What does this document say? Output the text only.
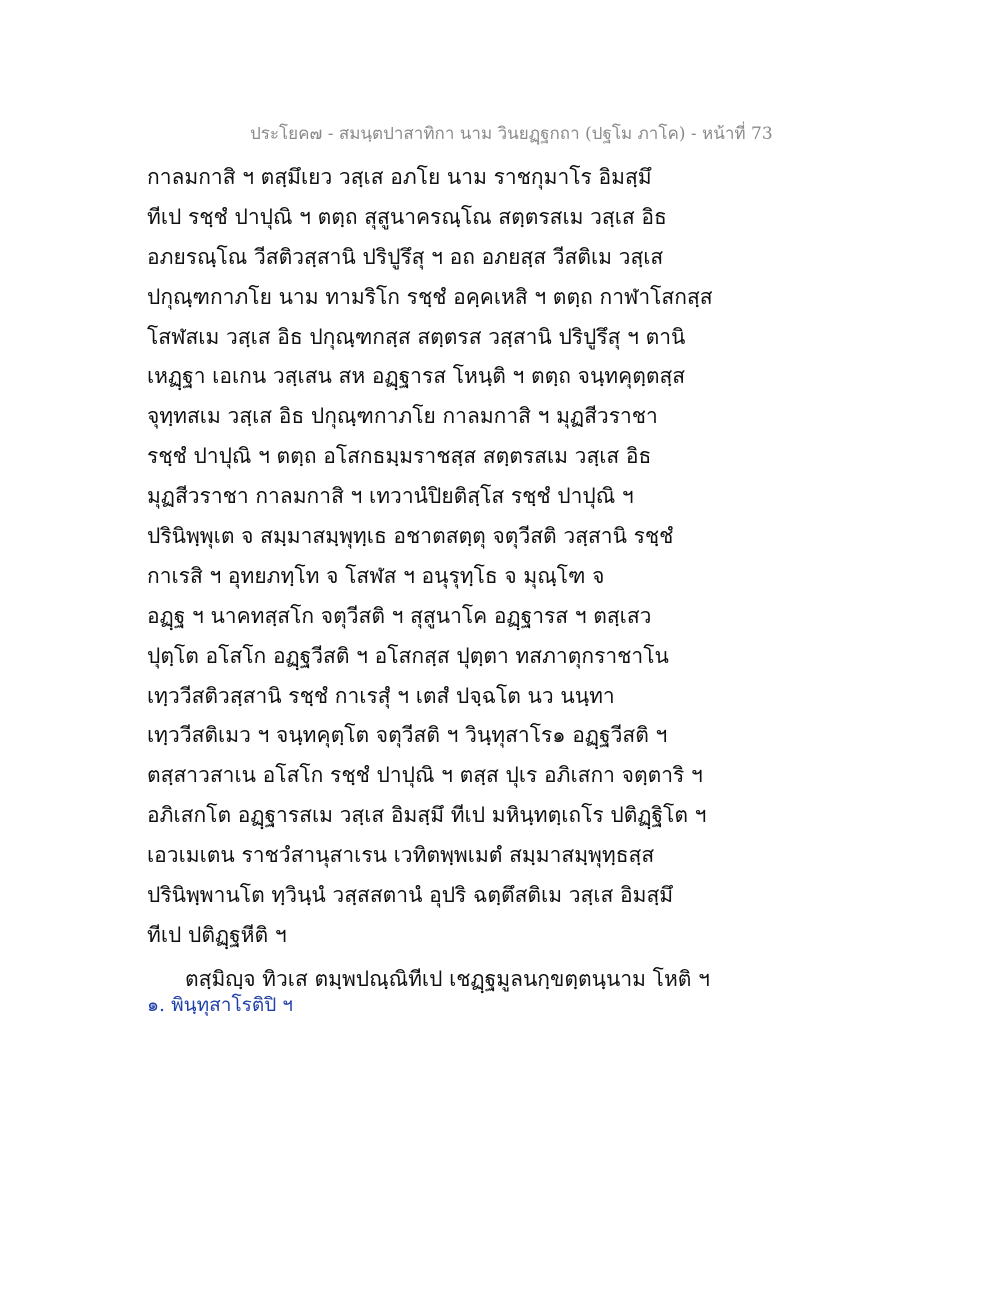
ประโยค๗ - สมนฺตปาสาทิกา นาม วินยฏฺฐกถา (ปฐโม ภาโค) - หน้าที่ 73
กาลมกาสิ ฯ ตสฺมึเยว วสฺเส อภโย นาม ราชกุมาโร อิมสฺมึ
ทีเป รชฺชํ ปาปุณิ ฯ ตตฺถ สุสูนาครณฺโณ สตฺตรสเม วสฺเส อิธ
อภยรณฺโณ วีสติวสฺสานิ ปริปูรึสุ ฯ อถ อภยสฺส วีสติเม วสฺเส
ปกุณฺฑกาภโย นาม ทามริโก รชฺชํ อคฺคเหสิ ฯ ตตฺถ กาฬาโสกสฺส
โสฬสเม วสฺเส อิธ ปกุณฺฑกสฺส สตฺตรส วสฺสานิ ปริปูรึสุ ฯ ตานิ
เหฏฺฐา เอเกน วสฺเสน สห อฏฺฐารส โหนฺติ ฯ ตตฺถ จนฺทคุตฺตสฺส
จุทฺทสเม วสฺเส อิธ ปกุณฺฑกาภโย กาลมกาสิ ฯ มุฏสีวราชา
รชฺชํ ปาปุณิ ฯ ตตฺถ อโสกธมฺมราชสฺส สตฺตรสเม วสฺเส อิธ
มุฏสีวราชา กาลมกาสิ ฯ เทวานํปิยติสฺโส รชฺชํ ปาปุณิ ฯ
ปรินิพฺพุเต จ สมฺมาสมฺพุทฺเธ อชาตสตฺตุ จตุวีสติ วสฺสานิ รชฺชํ
กาเรสิ ฯ อุทยภทฺโท จ โสฬส ฯ อนุรุทฺโธ จ มุณฺโฑ จ
อฏฺฐ ฯ นาคทสฺสโก จตุวีสติ ฯ สุสูนาโค อฏฺฐารส ฯ ตสฺเสว
ปุตฺโต อโสโก อฏฺฐวีสติ ฯ อโสกสฺส ปุตฺตา ทสภาตุกราชาโน
เทฺววีสติวสฺสานิ รชฺชํ กาเรสุํ ฯ เตสํ ปจฺฉโต นว นนฺทา
เทฺววีสติเมว ฯ จนฺทคุตฺโต จตุวีสติ ฯ วินฺทุสาโร๑ อฏฺฐวีสติ ฯ
ตสฺสาวสาเน อโสโก รชฺชํ ปาปุณิ ฯ ตสฺส ปุเร อภิเสกา จตฺตาริ ฯ
อภิเสกโต อฏฺฐารสเม วสฺเส อิมสฺมึ ทีเป มหินฺทตฺเถโร ปติฏฺฐิโต ฯ
เอวเมเตน ราชวํสานุสาเรน เวทิตพฺพเมตํ สมฺมาสมฺพุทฺธสฺส
ปรินิพฺพานโต ทฺวินฺนํ วสฺสสตานํ อุปริ ฉตฺตึสติเม วสฺเส อิมสฺมึ
ทีเป ปติฏฺฐหีติ ฯ
ตสฺมิญฺจ ทิวเส ตมฺพปณฺณิทีเป เชฏฺฐมูลนกฺขตฺตนฺนาม โหติ ฯ
๑. พินฺทุสาโรติปิ ฯ
